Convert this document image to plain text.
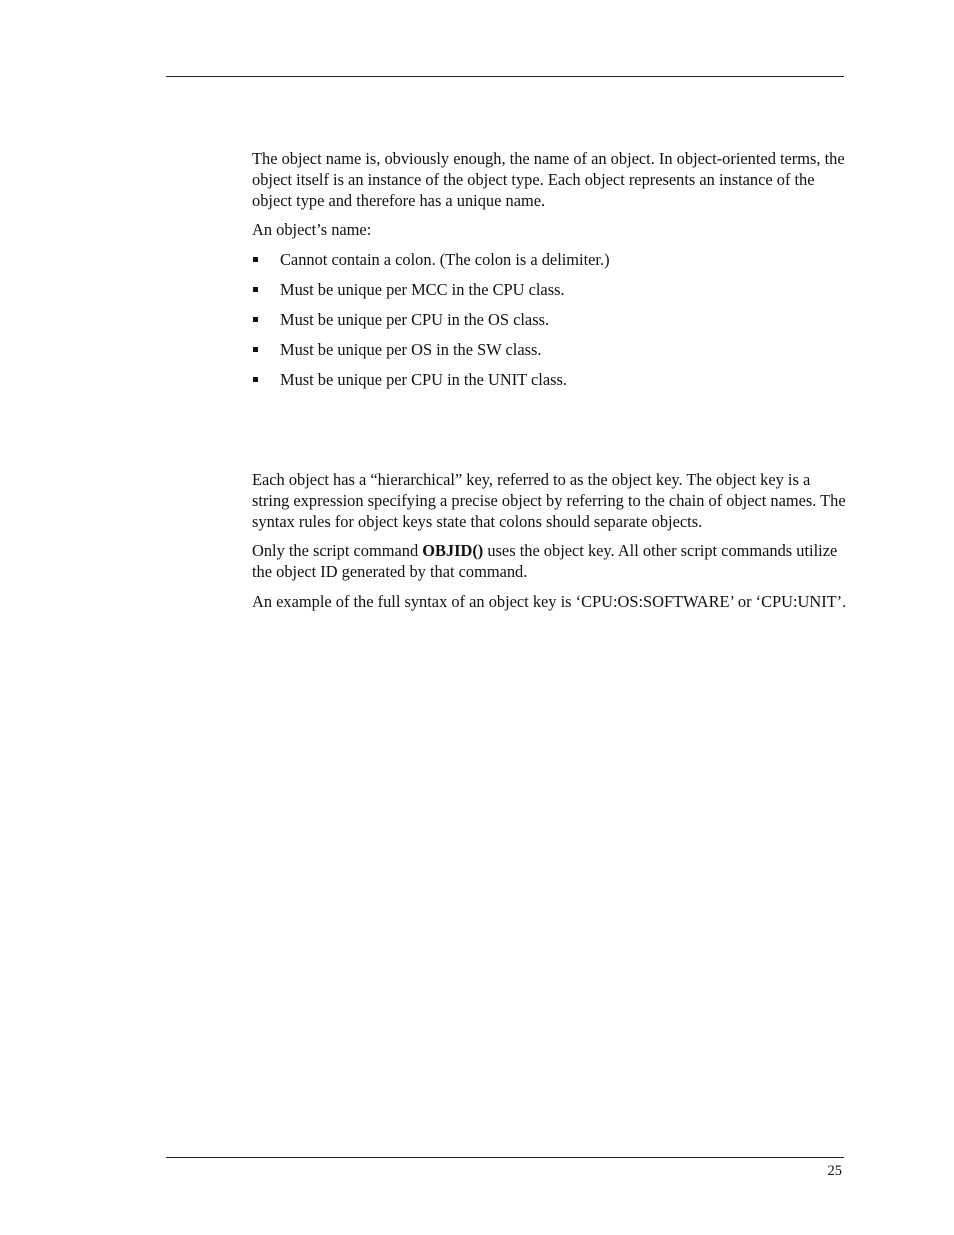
The object name is, obviously enough, the name of an object. In object-oriented terms, the object itself is an instance of the object type. Each object represents an instance of the object type and therefore has a unique name.

An object’s name:

Cannot contain a colon. (The colon is a delimiter.)
Must be unique per MCC in the CPU class.
Must be unique per CPU in the OS class.
Must be unique per OS in the SW class.
Must be unique per CPU in the UNIT class.

Each object has a “hierarchical” key, referred to as the object key. The object key is a string expression specifying a precise object by referring to the chain of object names. The syntax rules for object keys state that colons should separate objects.

Only the script command OBJID() uses the object key. All other script commands utilize the object ID generated by that command.

An example of the full syntax of an object key is ‘CPU:OS:SOFTWARE’ or ‘CPU:UNIT’.

25
